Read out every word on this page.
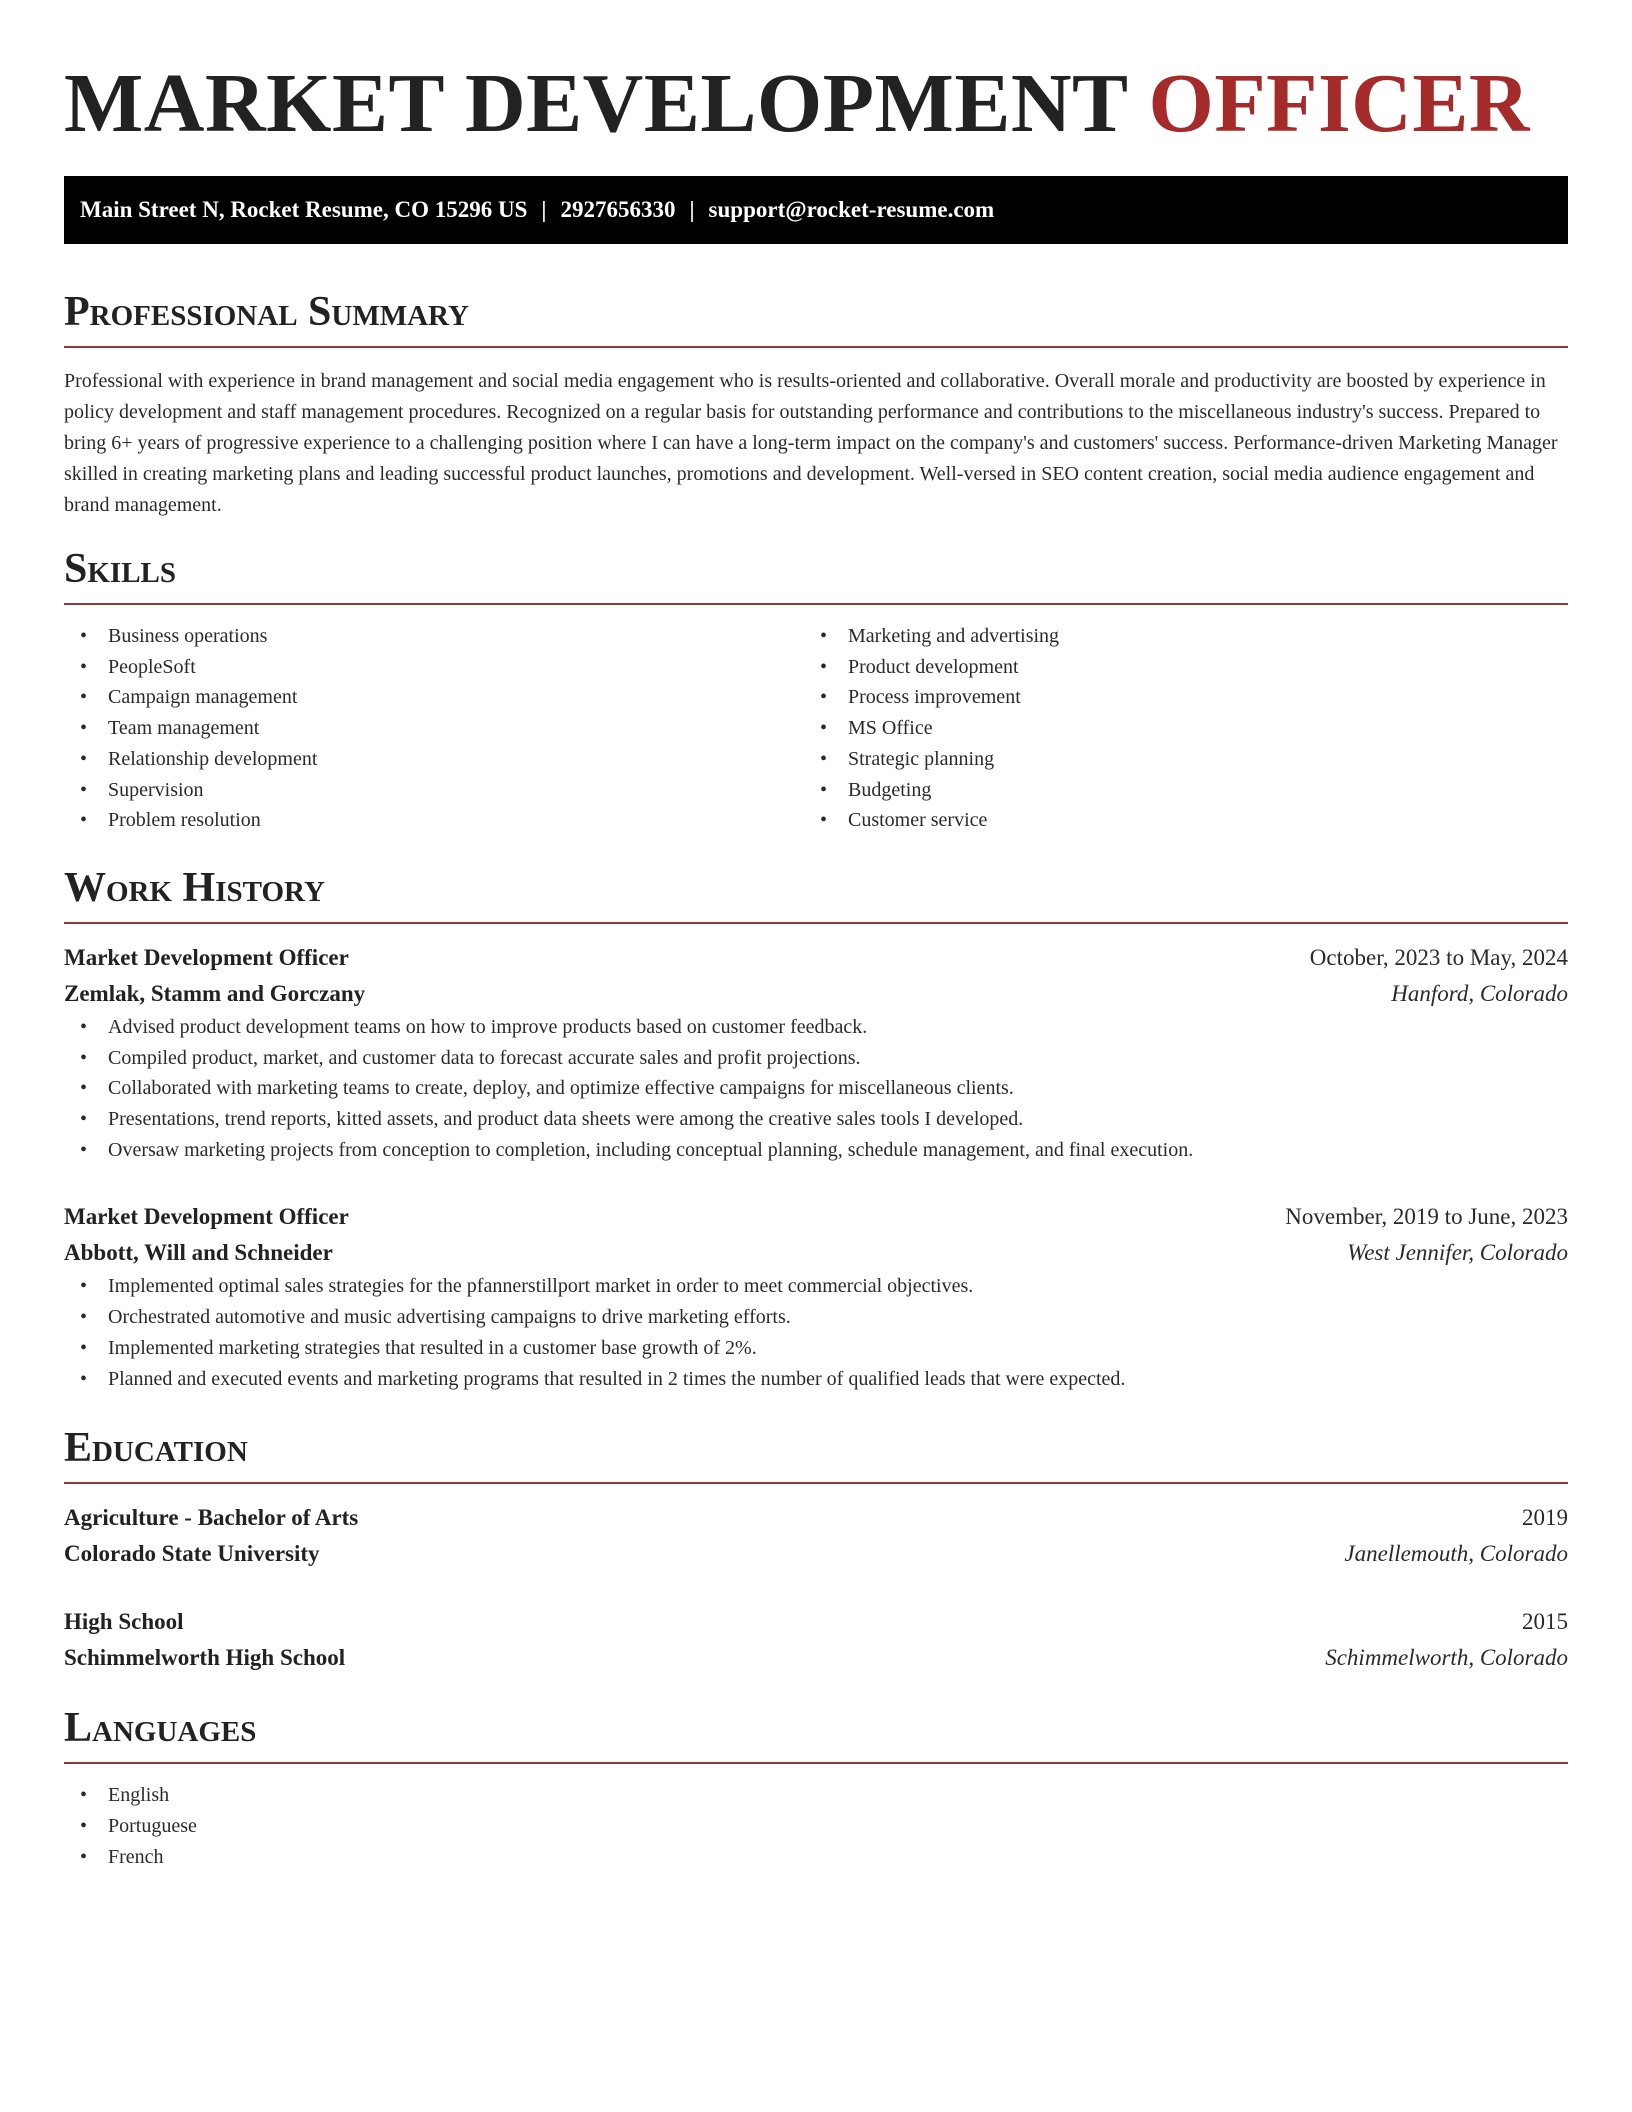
MARKET DEVELOPMENT OFFICER
Main Street N, Rocket Resume, CO 15296 US | 2927656330 | support@rocket-resume.com
Professional Summary

Professional with experience in brand management and social media engagement who is results-oriented and collaborative. Overall morale and productivity are boosted by experience in policy development and staff management procedures. Recognized on a regular basis for outstanding performance and contributions to the miscellaneous industry's success. Prepared to bring 6+ years of progressive experience to a challenging position where I can have a long-term impact on the company's and customers' success. Performance-driven Marketing Manager skilled in creating marketing plans and leading successful product launches, promotions and development. Well-versed in SEO content creation, social media audience engagement and brand management.

Skills
• Business operations
• PeopleSoft
• Campaign management
• Team management
• Relationship development
• Supervision
• Problem resolution
• Marketing and advertising
• Product development
• Process improvement
• MS Office
• Strategic planning
• Budgeting
• Customer service
Work History
Market Development Officer	October, 2023 to May, 2024
Zemlak, Stamm and Gorczany	Hanford, Colorado
• Advised product development teams on how to improve products based on customer feedback.
• Compiled product, market, and customer data to forecast accurate sales and profit projections.
• Collaborated with marketing teams to create, deploy, and optimize effective campaigns for miscellaneous clients.
• Presentations, trend reports, kitted assets, and product data sheets were among the creative sales tools I developed.
• Oversaw marketing projects from conception to completion, including conceptual planning, schedule management, and final execution.
Market Development Officer	November, 2019 to June, 2023
Abbott, Will and Schneider	West Jennifer, Colorado
• Implemented optimal sales strategies for the pfannerstillport market in order to meet commercial objectives.
• Orchestrated automotive and music advertising campaigns to drive marketing efforts.
• Implemented marketing strategies that resulted in a customer base growth of 2%.
• Planned and executed events and marketing programs that resulted in 2 times the number of qualified leads that were expected.
Education
Agriculture - Bachelor of Arts	2019
Colorado State University	Janellemouth, Colorado
High School	2015
Schimmelworth High School	Schimmelworth, Colorado
Languages
• English
• Portuguese
• French
